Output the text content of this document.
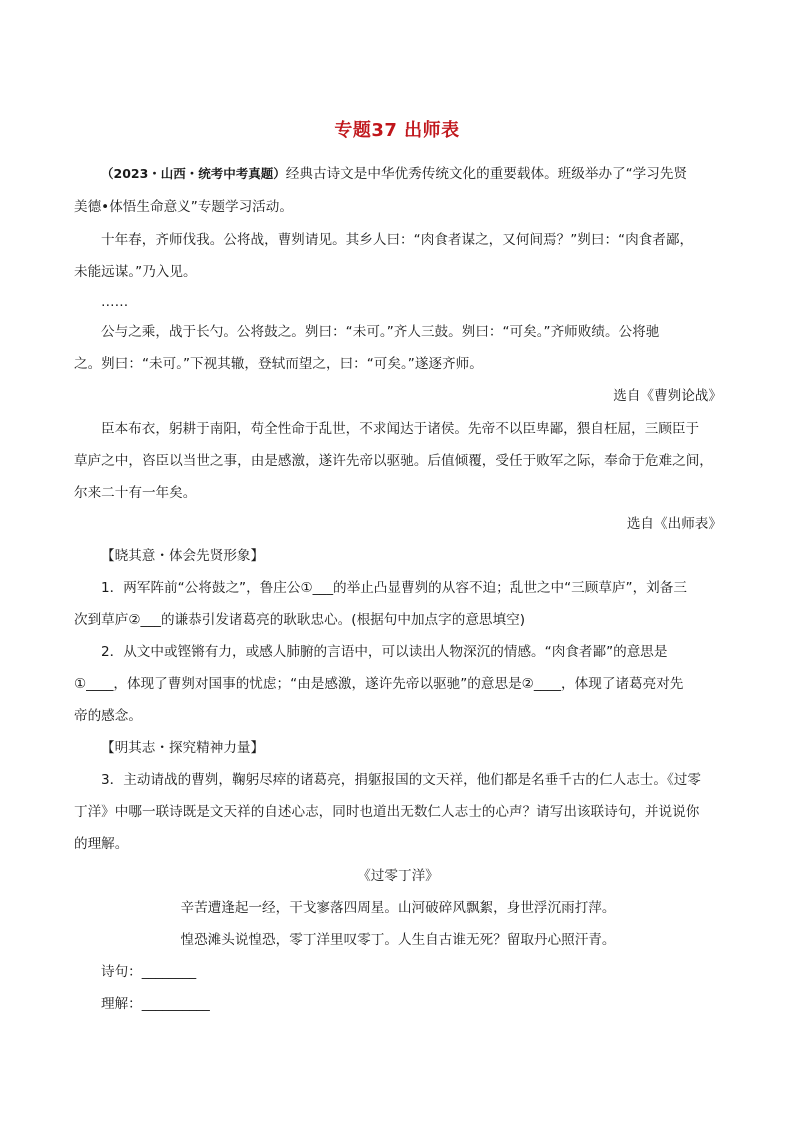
专题37 出师表
（2023・山西・统考中考真题）经典古诗文是中华优秀传统文化的重要载体。班级举办了“学习先贤
美德•体悟生命意义”专题学习活动。
十年春，齐师伐我。公将战，曹刿请见。其乡人曰：“肉食者谋之，又何间焉？”刿曰：“肉食者鄙，
未能远谋。”乃入见。
……
公与之乘，战于长勺。公将鼓之。刿曰：“未可。”齐人三鼓。刿曰：“可矣。”齐师败绩。公将驰
之。刿曰：“未可。”下视其辙，登轼而望之，曰：“可矣。”遂逐齐师。
选自《曹刿论战》
臣本布衣，躬耕于南阳，苟全性命于乱世，不求闻达于诸侯。先帝不以臣卑鄙，猥自枉屈，三顾臣于
草庐之中，咨臣以当世之事，由是感激，遂许先帝以驱驰。后值倾覆，受任于败军之际，奉命于危难之间，
尔来二十有一年矣。
选自《出师表》
【晓其意・体会先贤形象】
1．两军阵前“公将鼓之”，鲁庄公①___的举止凸显曹刿的从容不迫；乱世之中“三顾草庐”，刘备三
次到草庐②___的谦恭引发诸葛亮的耿耿忠心。(根据句中加点字的意思填空)
2．从文中或铿锵有力，或感人肺腑的言语中，可以读出人物深沉的情感。“肉食者鄙”的意思是
①____，体现了曹刿对国事的忧虑；“由是感激，遂许先帝以驱驰”的意思是②____，体现了诸葛亮对先
帝的感念。
【明其志・探究精神力量】
3．主动请战的曹刿，鞠躬尽瘁的诸葛亮，捐躯报国的文天祥，他们都是名垂千古的仁人志士。《过零
丁洋》中哪一联诗既是文天祥的自述心志，同时也道出无数仁人志士的心声？请写出该联诗句，并说说你
的理解。
《过零丁洋》
辛苦遭逢起一经，干戈寥落四周星。山河破碎风飘絮，身世浮沉雨打萍。
惶恐滩头说惶恐，零丁洋里叹零丁。人生自古谁无死？留取丹心照汗青。
诗句：________
理解：__________
